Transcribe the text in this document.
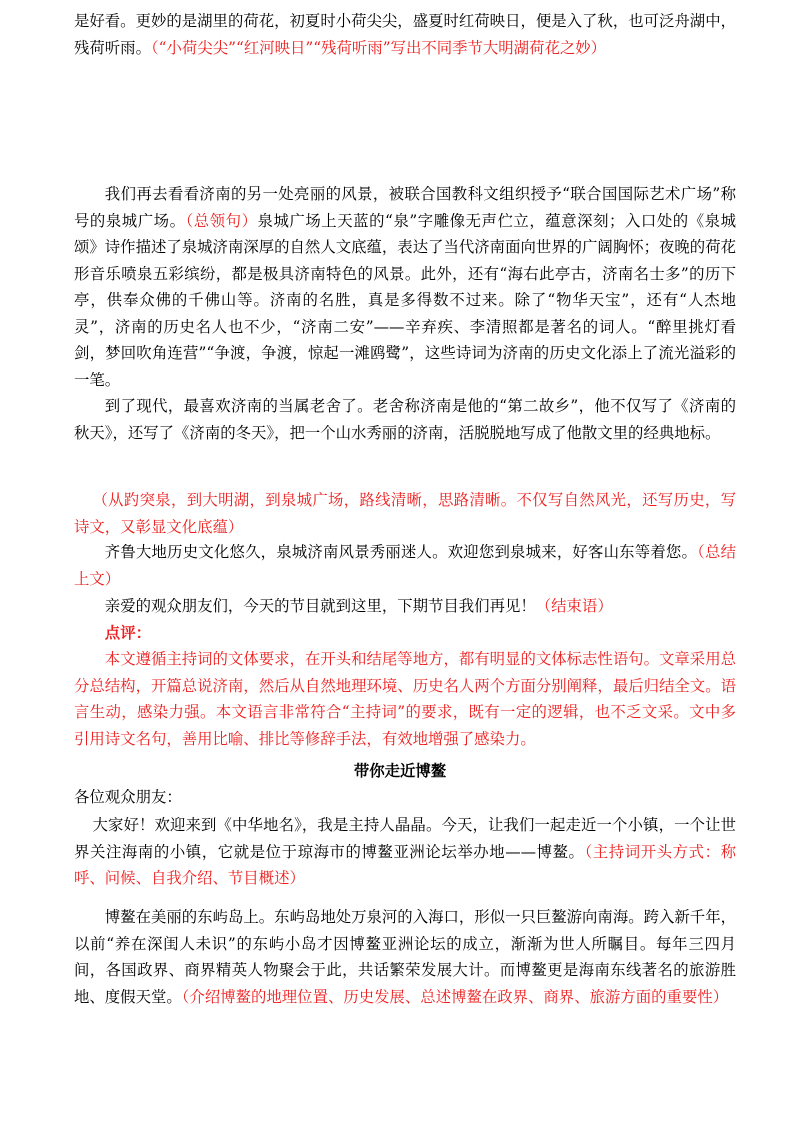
是好看。更妙的是湖里的荷花，初夏时小荷尖尖，盛夏时红荷映日，便是入了秋，也可泛舟湖中，残荷听雨。（“小荷尖尖”“红河映日”“残荷听雨”写出不同季节大明湖荷花之妙）

我们再去看看济南的另一处亮丽的风景，被联合国教科文组织授予“联合国国际艺术广场”称号的泉城广场。（总领句）泉城广场上天蓝的“泉”字雕像无声伫立，蕴意深刻；入口处的《泉城颂》诗作描述了泉城济南深厚的自然人文底蕴，表达了当代济南面向世界的广阔胸怀；夜晚的荷花形音乐喷泉五彩缤纷，都是极具济南特色的风景。此外，还有“海右此亭古，济南名士多”的历下亭，供奉众佛的千佛山等。济南的名胜，真是多得数不过来。除了“物华天宝”，还有“人杰地灵”，济南的历史名人也不少，“济南二安”——辛弃疾、李清照都是著名的词人。“醉里挑灯看剑，梦回吹角连营”“争渡，争渡，惊起一滩鸥鹭”，这些诗词为济南的历史文化添上了流光溢彩的一笔。

到了现代，最喜欢济南的当属老舍了。老舍称济南是他的“第二故乡”，他不仅写了《济南的秋天》，还写了《济南的冬天》，把一个山水秀丽的济南，活脱脱地写成了他散文里的经典地标。

（从趵突泉，到大明湖，到泉城广场，路线清晰，思路清晰。不仅写自然风光，还写历史，写诗文，又彰显文化底蕴）

齐鲁大地历史文化悠久，泉城济南风景秀丽迷人。欢迎您到泉城来，好客山东等着您。（总结上文）

亲爱的观众朋友们，今天的节目就到这里，下期节目我们再见！（结束语）

点评：

本文遵循主持词的文体要求，在开头和结尾等地方，都有明显的文体标志性语句。文章采用总分总结构，开篇总说济南，然后从自然地理环境、历史名人两个方面分别阐释，最后归结全文。语言生动，感染力强。本文语言非常符合“主持词”的要求，既有一定的逻辑，也不乏文采。文中多引用诗文名句，善用比喻、排比等修辞手法，有效地增强了感染力。

带你走近博鳌

各位观众朋友：

大家好！欢迎来到《中华地名》，我是主持人晶晶。今天，让我们一起走近一个小镇，一个让世界关注海南的小镇，它就是位于琼海市的博鳌亚洲论坛举办地——博鳌。（主持词开头方式：称呼、问候、自我介绍、节目概述）

博鳌在美丽的东屿岛上。东屿岛地处万泉河的入海口，形似一只巨鳌游向南海。跨入新千年，以前“养在深闺人未识”的东屿小岛才因博鳌亚洲论坛的成立，渐渐为世人所瞩目。每年三四月间，各国政界、商界精英人物聚会于此，共话繁荣发展大计。而博鳌更是海南东线著名的旅游胜地、度假天堂。（介绍博鳌的地理位置、历史发展、总述博鳌在政界、商界、旅游方面的重要性）
